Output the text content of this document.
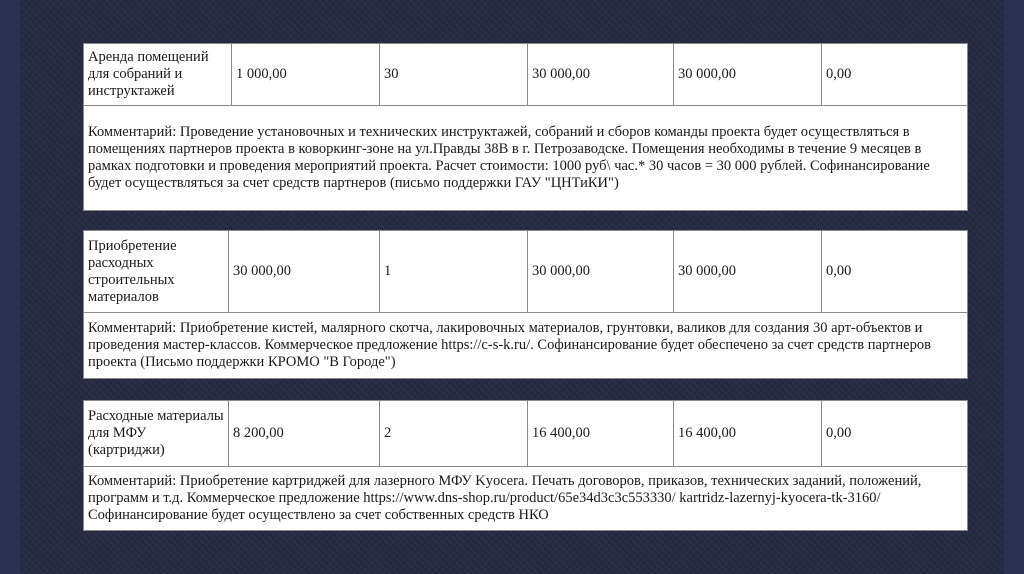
Аренда помещений для собраний и инструктажей	1 000,00	30	30 000,00	30 000,00	0,00
Комментарий: Проведение установочных и технических инструктажей, собраний и сборов команды проекта будет осуществляться в помещениях партнеров проекта в коворкинг-зоне на ул.Правды 38В в г. Петрозаводске. Помещения необходимы в течение 9 месяцев в рамках подготовки и проведения мероприятий проекта. Расчет стоимости: 1000 руб\ час.* 30 часов = 30 000 рублей. Софинансирование будет осуществляться за счет средств партнеров (письмо поддержки ГАУ "ЦНТиКИ")
Приобретение расходных строительных материалов	30 000,00	1	30 000,00	30 000,00	0,00
Комментарий: Приобретение кистей, малярного скотча, лакировочных материалов, грунтовки, валиков для создания 30 арт-объектов и проведения мастер-классов. Коммерческое предложение https://c-s-k.ru/. Софинансирование будет обеспечено за счет средств партнеров проекта (Письмо поддержки КРОМО "В Городе")
Расходные материалы для МФУ (картриджи)	8 200,00	2	16 400,00	16 400,00	0,00
Комментарий: Приобретение картриджей для лазерного МФУ Kyocera. Печать договоров, приказов, технических заданий, положений, программ и т.д. Коммерческое предложение https://www.dns-shop.ru/product/65e34d3c3c553330/ kartridz-lazernyj-kyocera-tk-3160/ Софинансирование будет осуществлено за счет собственных средств НКО
